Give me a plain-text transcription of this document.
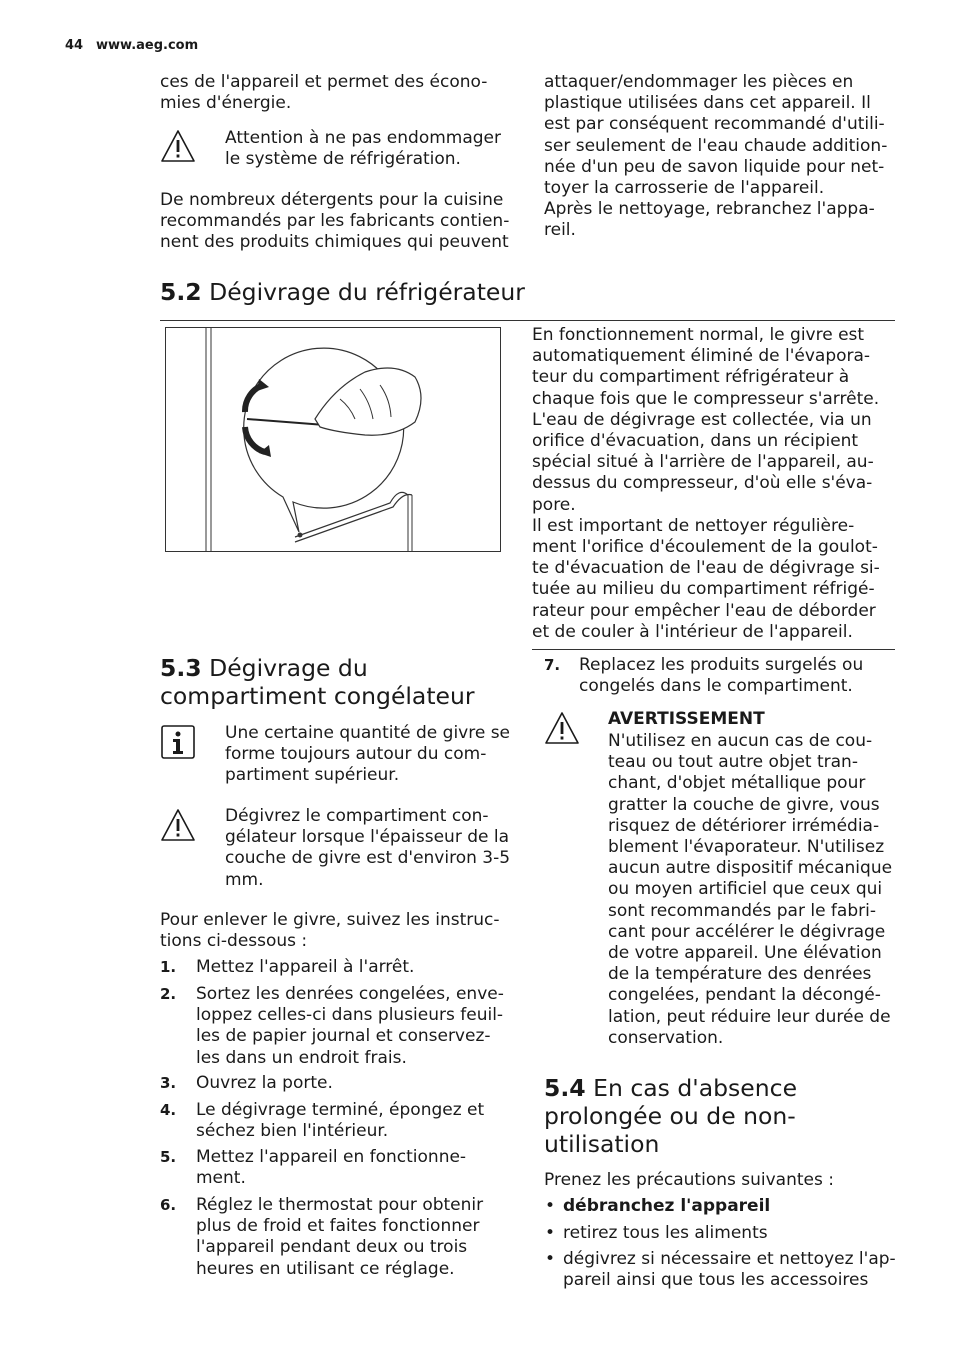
44 www.aeg.com
ces de l'appareil et permet des écono-
mies d'énergie.
Attention à ne pas endommager
le système de réfrigération.
De nombreux détergents pour la cuisine
recommandés par les fabricants contien-
nent des produits chimiques qui peuvent
attaquer/endommager les pièces en
plastique utilisées dans cet appareil. Il
est par conséquent recommandé d'utili-
ser seulement de l'eau chaude addition-
née d'un peu de savon liquide pour net-
toyer la carrosserie de l'appareil.
Après le nettoyage, rebranchez l'appa-
reil.
5.2 Dégivrage du réfrigérateur
En fonctionnement normal, le givre est
automatiquement éliminé de l'évapora-
teur du compartiment réfrigérateur à
chaque fois que le compresseur s'arrête.
L'eau de dégivrage est collectée, via un
orifice d'évacuation, dans un récipient
spécial situé à l'arrière de l'appareil, au-
dessus du compresseur, d'où elle s'éva-
pore.
Il est important de nettoyer régulière-
ment l'orifice d'écoulement de la goulot-
te d'évacuation de l'eau de dégivrage si-
tuée au milieu du compartiment réfrigé-
rateur pour empêcher l'eau de déborder
et de couler à l'intérieur de l'appareil.
5.3 Dégivrage du
compartiment congélateur
Une certaine quantité de givre se
forme toujours autour du com-
partiment supérieur.
Dégivrez le compartiment con-
gélateur lorsque l'épaisseur de la
couche de givre est d'environ 3-5
mm.
Pour enlever le givre, suivez les instruc-
tions ci-dessous :

1. Mettez l'appareil à l'arrêt.

2. Sortez les denrées congelées, enve-
loppez celles-ci dans plusieurs feuil-
les de papier journal et conservez-
les dans un endroit frais.

3. Ouvrez la porte.

4. Le dégivrage terminé, épongez et
séchez bien l'intérieur.

5. Mettez l'appareil en fonctionne-
ment.

6. Réglez le thermostat pour obtenir
plus de froid et faites fonctionner
l'appareil pendant deux ou trois
heures en utilisant ce réglage.

7. Replacez les produits surgelés ou
congelés dans le compartiment.

AVERTISSEMENT
N'utilisez en aucun cas de cou-
teau ou tout autre objet tran-
chant, d'objet métallique pour
gratter la couche de givre, vous
risquez de détériorer irrémédia-
blement l'évaporateur. N'utilisez
aucun autre dispositif mécanique
ou moyen artificiel que ceux qui
sont recommandés par le fabri-
cant pour accélérer le dégivrage
de votre appareil. Une élévation
de la température des denrées
congelées, pendant la décongé-
lation, peut réduire leur durée de
conservation.
5.4 En cas d'absence
prolongée ou de non-
utilisation
Prenez les précautions suivantes :

• débranchez l'appareil

• retirez tous les aliments

• dégivrez si nécessaire et nettoyez l'ap-
pareil ainsi que tous les accessoires
